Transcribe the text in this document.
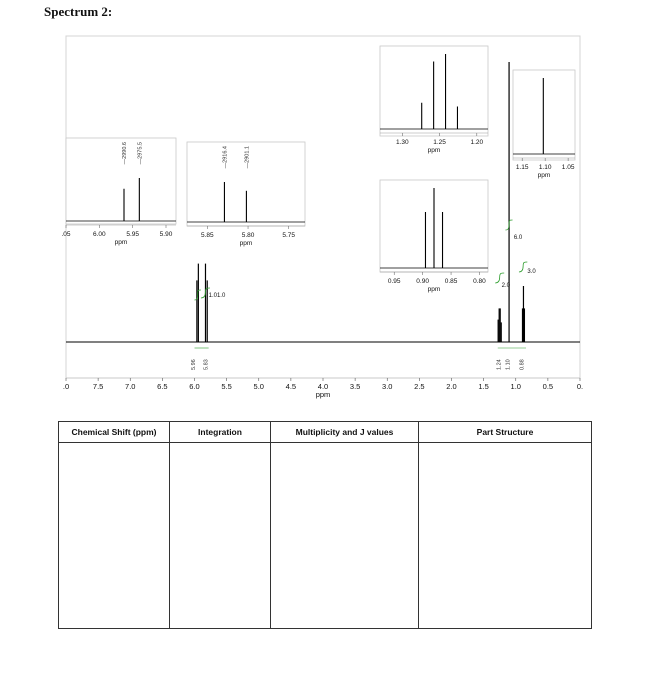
Spectrum 2:
.0	7.5	7.0	6.5	6.0	5.5	5.0	4.5	4.0	3.5	3.0	2.5	2.0	1.5	1.0	0.5	0.
ppm
1.01.0
2.0
6.0
3.0
5.96 5.83	1.24 1.10 0.88
.05	6.00	5.95	5.90
ppm
—2990.6 —2975.5
5.85	5.80	5.75
ppm
—2916.4	—2901.1
1.30	1.25	1.20
ppm
1.15 1.10 1.05
ppm
0.95 0.90 0.85 0.80
ppm
Chemical Shift (ppm)	Integration	Multiplicity and J values	Part Structure
